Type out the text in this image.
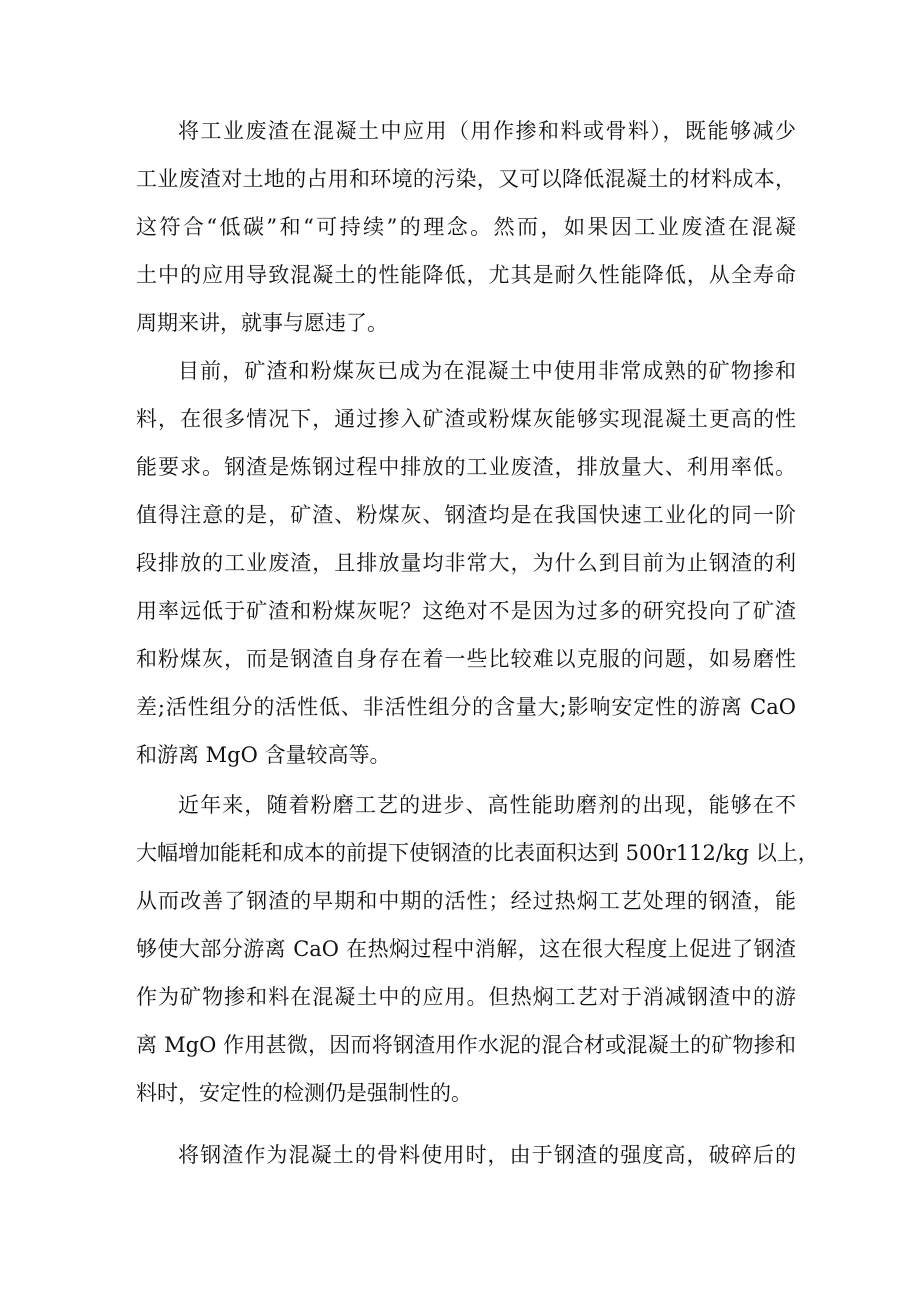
将工业废渣在混凝土中应用（用作掺和料或骨料），既能够减少

工业废渣对土地的占用和环境的污染，又可以降低混凝土的材料成本，

这符合“低碳”和“可持续”的理念。然而，如果因工业废渣在混凝

土中的应用导致混凝土的性能降低，尤其是耐久性能降低，从全寿命

周期来讲，就事与愿违了。

目前，矿渣和粉煤灰已成为在混凝土中使用非常成熟的矿物掺和

料，在很多情况下，通过掺入矿渣或粉煤灰能够实现混凝土更高的性

能要求。钢渣是炼钢过程中排放的工业废渣，排放量大、利用率低。

值得注意的是，矿渣、粉煤灰、钢渣均是在我国快速工业化的同一阶

段排放的工业废渣，且排放量均非常大，为什么到目前为止钢渣的利

用率远低于矿渣和粉煤灰呢？这绝对不是因为过多的研究投向了矿渣

和粉煤灰，而是钢渣自身存在着一些比较难以克服的问题，如易磨性

差;活性组分的活性低、非活性组分的含量大;影响安定性的游离 CaO

和游离 MgO 含量较高等。

近年来，随着粉磨工艺的进步、高性能助磨剂的出现，能够在不

大幅增加能耗和成本的前提下使钢渣的比表面积达到 500r112∕kg 以上，

从而改善了钢渣的早期和中期的活性；经过热焖工艺处理的钢渣，能

够使大部分游离 CaO 在热焖过程中消解，这在很大程度上促进了钢渣

作为矿物掺和料在混凝土中的应用。但热焖工艺对于消减钢渣中的游

离 MgO 作用甚微，因而将钢渣用作水泥的混合材或混凝土的矿物掺和

料时，安定性的检测仍是强制性的。

将钢渣作为混凝土的骨料使用时，由于钢渣的强度高，破碎后的
